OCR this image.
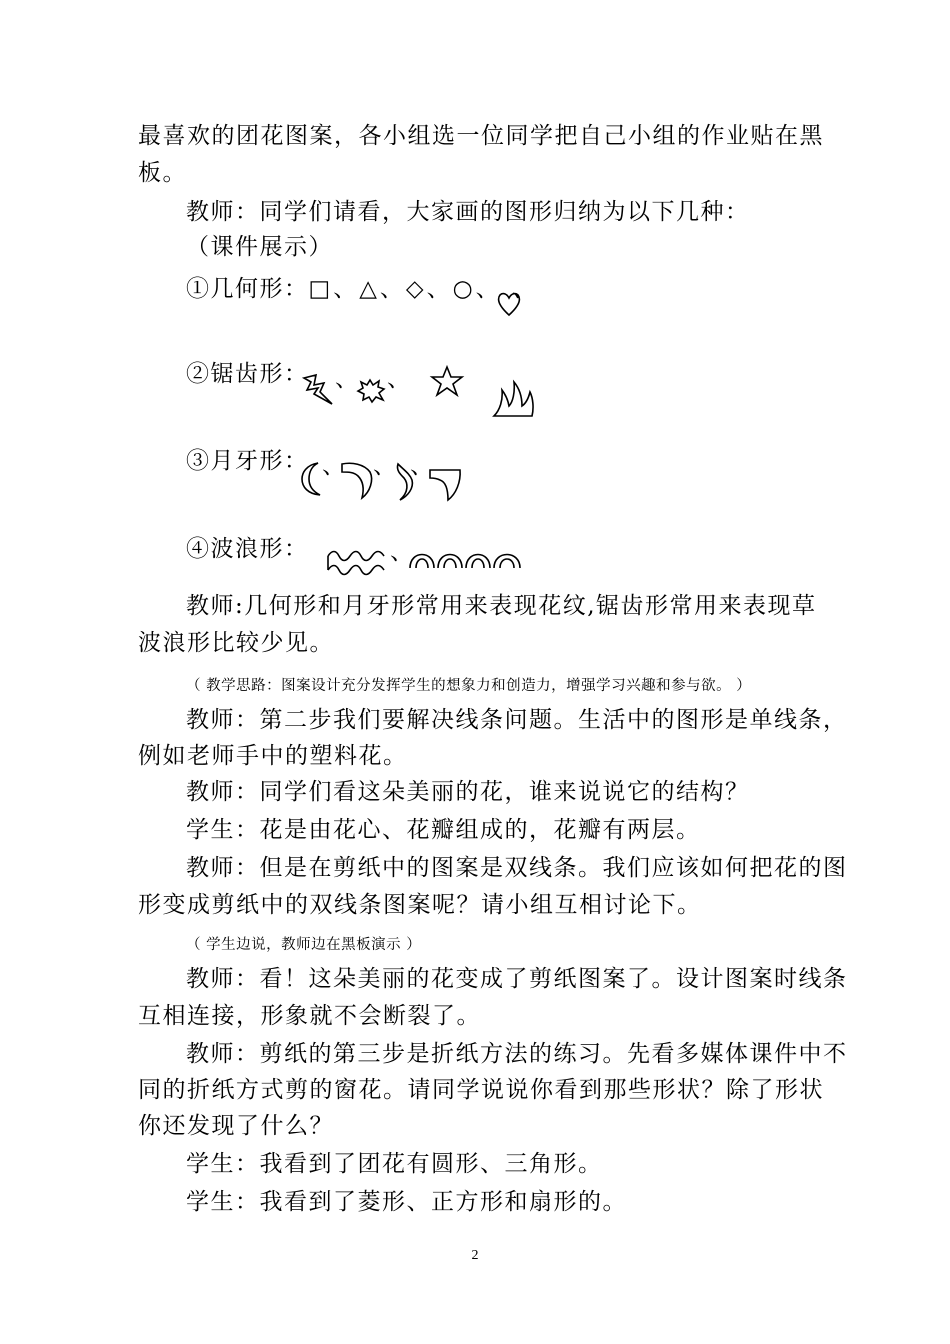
最喜欢的团花图案，各小组选一位同学把自己小组的作业贴在黑
板。
教师：同学们请看，大家画的图形归纳为以下几种：
（课件展示）
①几何形：□、△、◇、○、 、
②锯齿形： 、 、
③月牙形： 、 、 、
④波浪形：	、
教师:几何形和月牙形常用来表现花纹,锯齿形常用来表现草
波浪形比较少见。
（ 教学思路：图案设计充分发挥学生的想象力和创造力，增强学习兴趣和参与欲。 ）
教师：第二步我们要解决线条问题。生活中的图形是单线条，
例如老师手中的塑料花。
教师：同学们看这朵美丽的花，谁来说说它的结构？
学生：花是由花心、花瓣组成的，花瓣有两层。
教师：但是在剪纸中的图案是双线条。我们应该如何把花的图
形变成剪纸中的双线条图案呢？请小组互相讨论下。
（ 学生边说，教师边在黑板演示 ）
教师：看！这朵美丽的花变成了剪纸图案了。设计图案时线条
互相连接，形象就不会断裂了。
教师：剪纸的第三步是折纸方法的练习。先看多媒体课件中不
同的折纸方式剪的窗花。请同学说说你看到那些形状？除了形状
你还发现了什么？
学生：我看到了团花有圆形、三角形。
学生：我看到了菱形、正方形和扇形的。
2
